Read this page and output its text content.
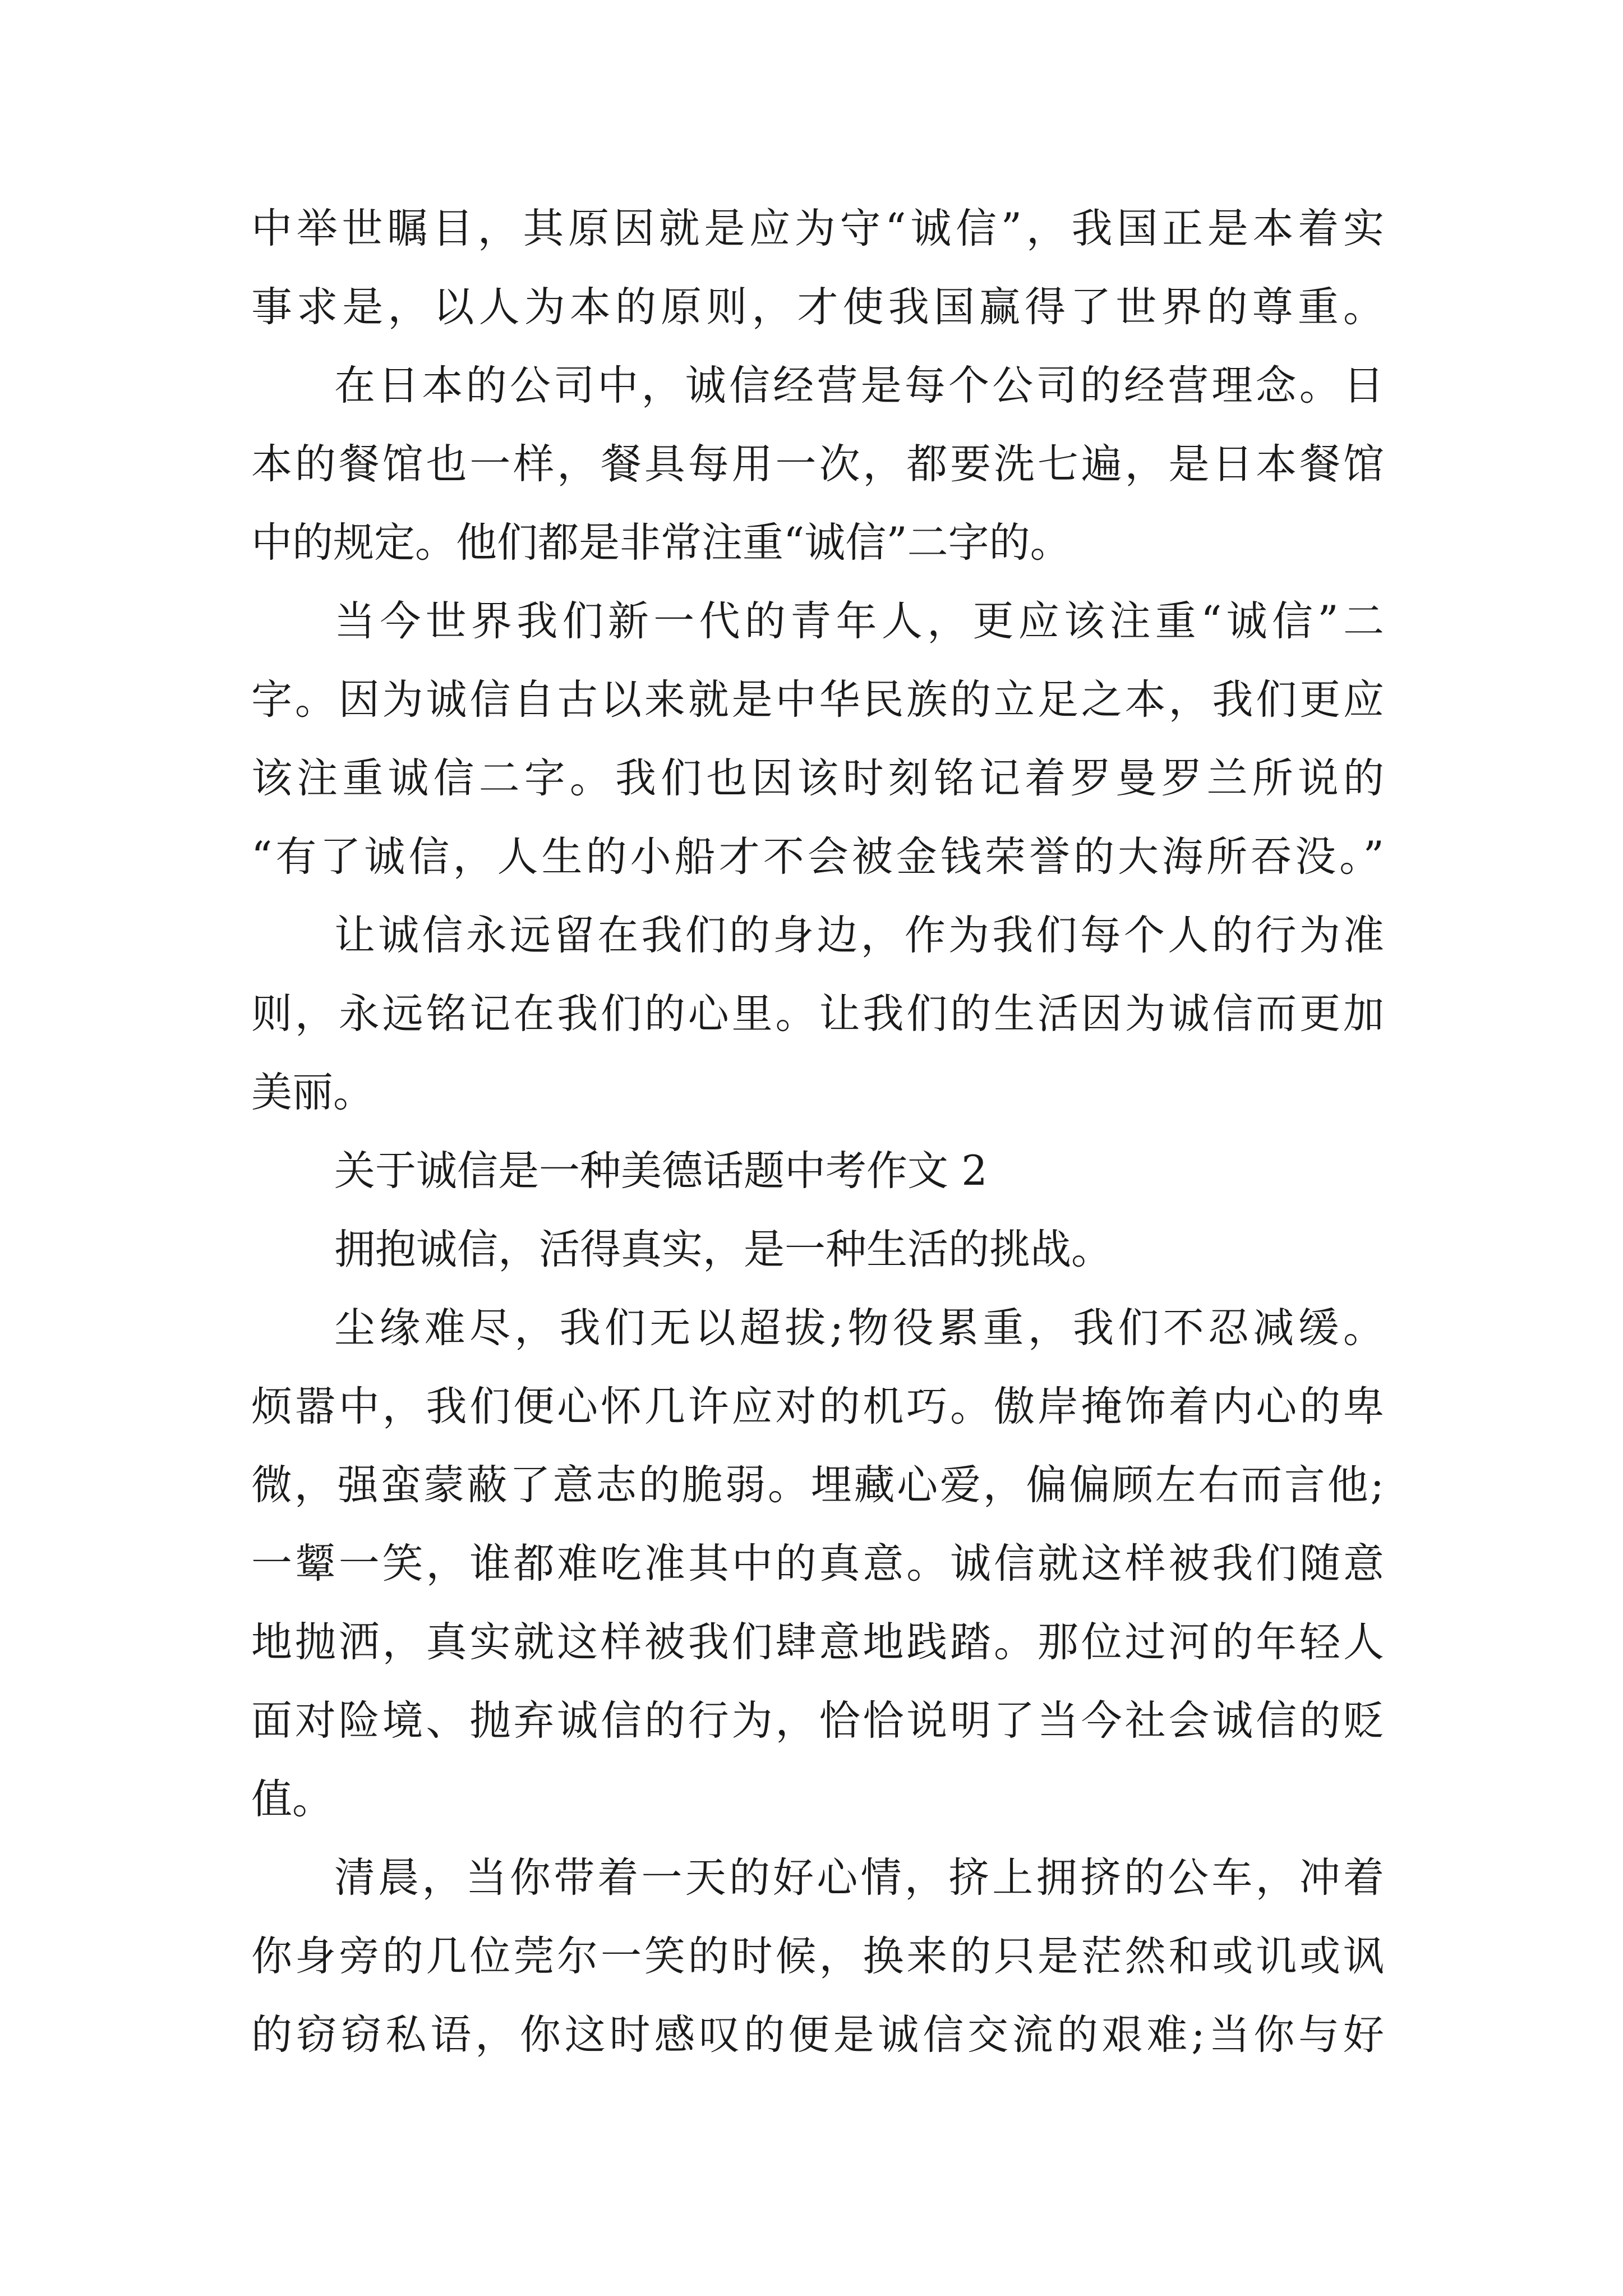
中举世瞩目，其原因就是应为守“诚信”，我国正是本着实
事求是，以人为本的原则，才使我国赢得了世界的尊重。
在日本的公司中，诚信经营是每个公司的经营理念。日
本的餐馆也一样，餐具每用一次，都要洗七遍，是日本餐馆
中的规定。他们都是非常注重“诚信”二字的。
当今世界我们新一代的青年人，更应该注重“诚信”二
字。因为诚信自古以来就是中华民族的立足之本，我们更应
该注重诚信二字。我们也因该时刻铭记着罗曼罗兰所说的
“有了诚信，人生的小船才不会被金钱荣誉的大海所吞没。”
让诚信永远留在我们的身边，作为我们每个人的行为准
则，永远铭记在我们的心里。让我们的生活因为诚信而更加
美丽。
关于诚信是一种美德话题中考作文 2
拥抱诚信，活得真实，是一种生活的挑战。
尘缘难尽，我们无以超拔;物役累重，我们不忍减缓。
烦嚣中，我们便心怀几许应对的机巧。傲岸掩饰着内心的卑
微，强蛮蒙蔽了意志的脆弱。埋藏心爱，偏偏顾左右而言他;
一颦一笑，谁都难吃准其中的真意。诚信就这样被我们随意
地抛洒，真实就这样被我们肆意地践踏。那位过河的年轻人
面对险境、抛弃诚信的行为，恰恰说明了当今社会诚信的贬
值。
清晨，当你带着一天的好心情，挤上拥挤的公车，冲着
你身旁的几位莞尔一笑的时候，换来的只是茫然和或讥或讽
的窃窃私语，你这时感叹的便是诚信交流的艰难;当你与好
